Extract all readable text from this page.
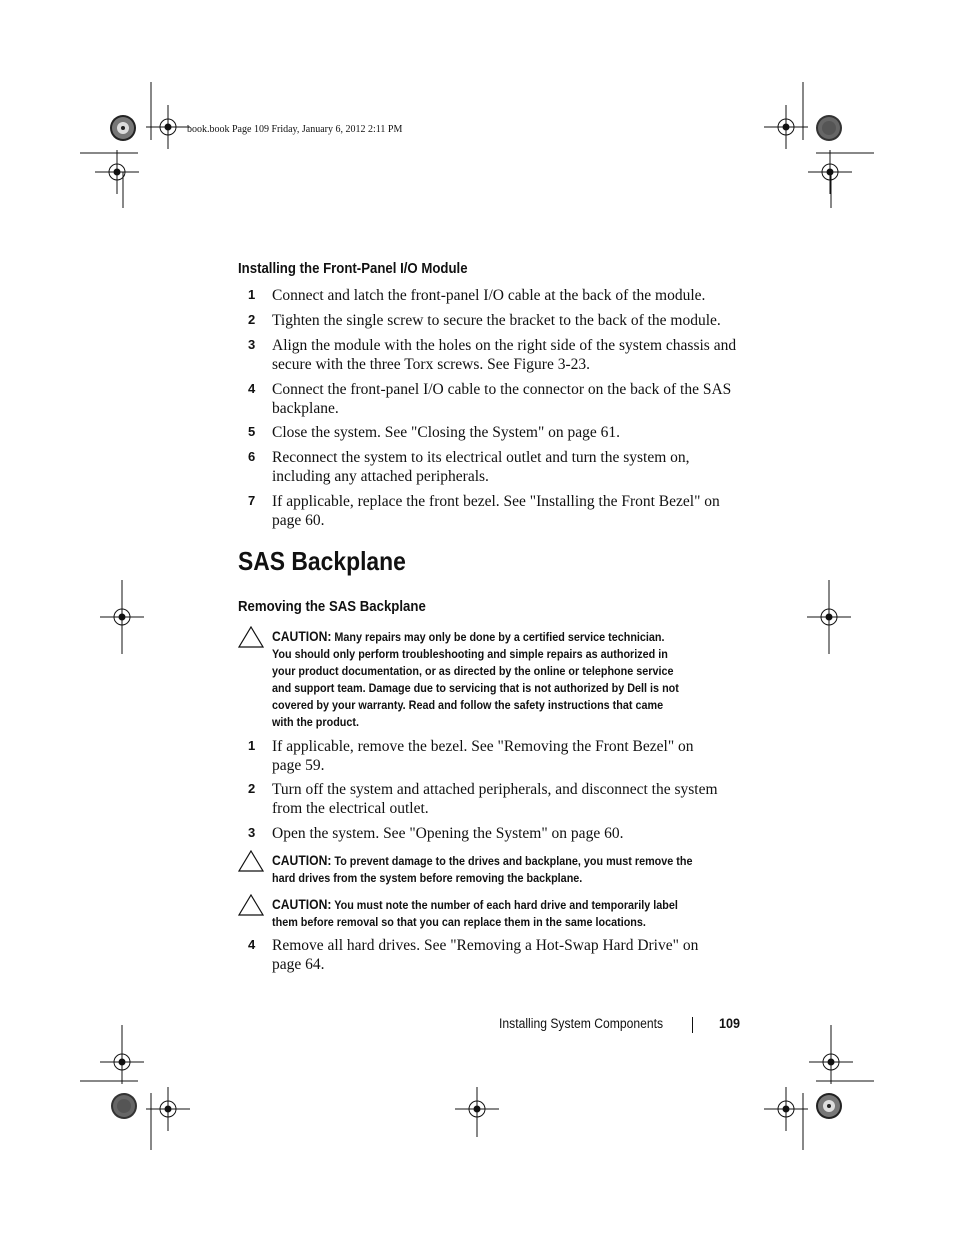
book.book Page 109 Friday, January 6, 2012 2:11 PM
Installing the Front-Panel I/O Module
1	Connect and latch the front-panel I/O cable at the back of the module.
2	Tighten the single screw to secure the bracket to the back of the module.
3	Align the module with the holes on the right side of the system chassis and
secure with the three Torx screws. See Figure 3-23.
4	Connect the front-panel I/O cable to the connector on the back of the SAS
backplane.
5	Close the system. See "Closing the System" on page 61.
6	Reconnect the system to its electrical outlet and turn the system on,
including any attached peripherals.
7	If applicable, replace the front bezel. See "Installing the Front Bezel" on
page 60.
SAS Backplane
Removing the SAS Backplane
CAUTION: Many repairs may only be done by a certified service technician.
You should only perform troubleshooting and simple repairs as authorized in
your product documentation, or as directed by the online or telephone service
and support team. Damage due to servicing that is not authorized by Dell is not
covered by your warranty. Read and follow the safety instructions that came
with the product.
1	If applicable, remove the bezel. See "Removing the Front Bezel" on
page 59.
2	Turn off the system and attached peripherals, and disconnect the system
from the electrical outlet.
3	Open the system. See "Opening the System" on page 60.
CAUTION: To prevent damage to the drives and backplane, you must remove the
hard drives from the system before removing the backplane.
CAUTION: You must note the number of each hard drive and temporarily label
them before removal so that you can replace them in the same locations.
4	Remove all hard drives. See "Removing a Hot-Swap Hard Drive" on
page 64.
Installing System Components	109
